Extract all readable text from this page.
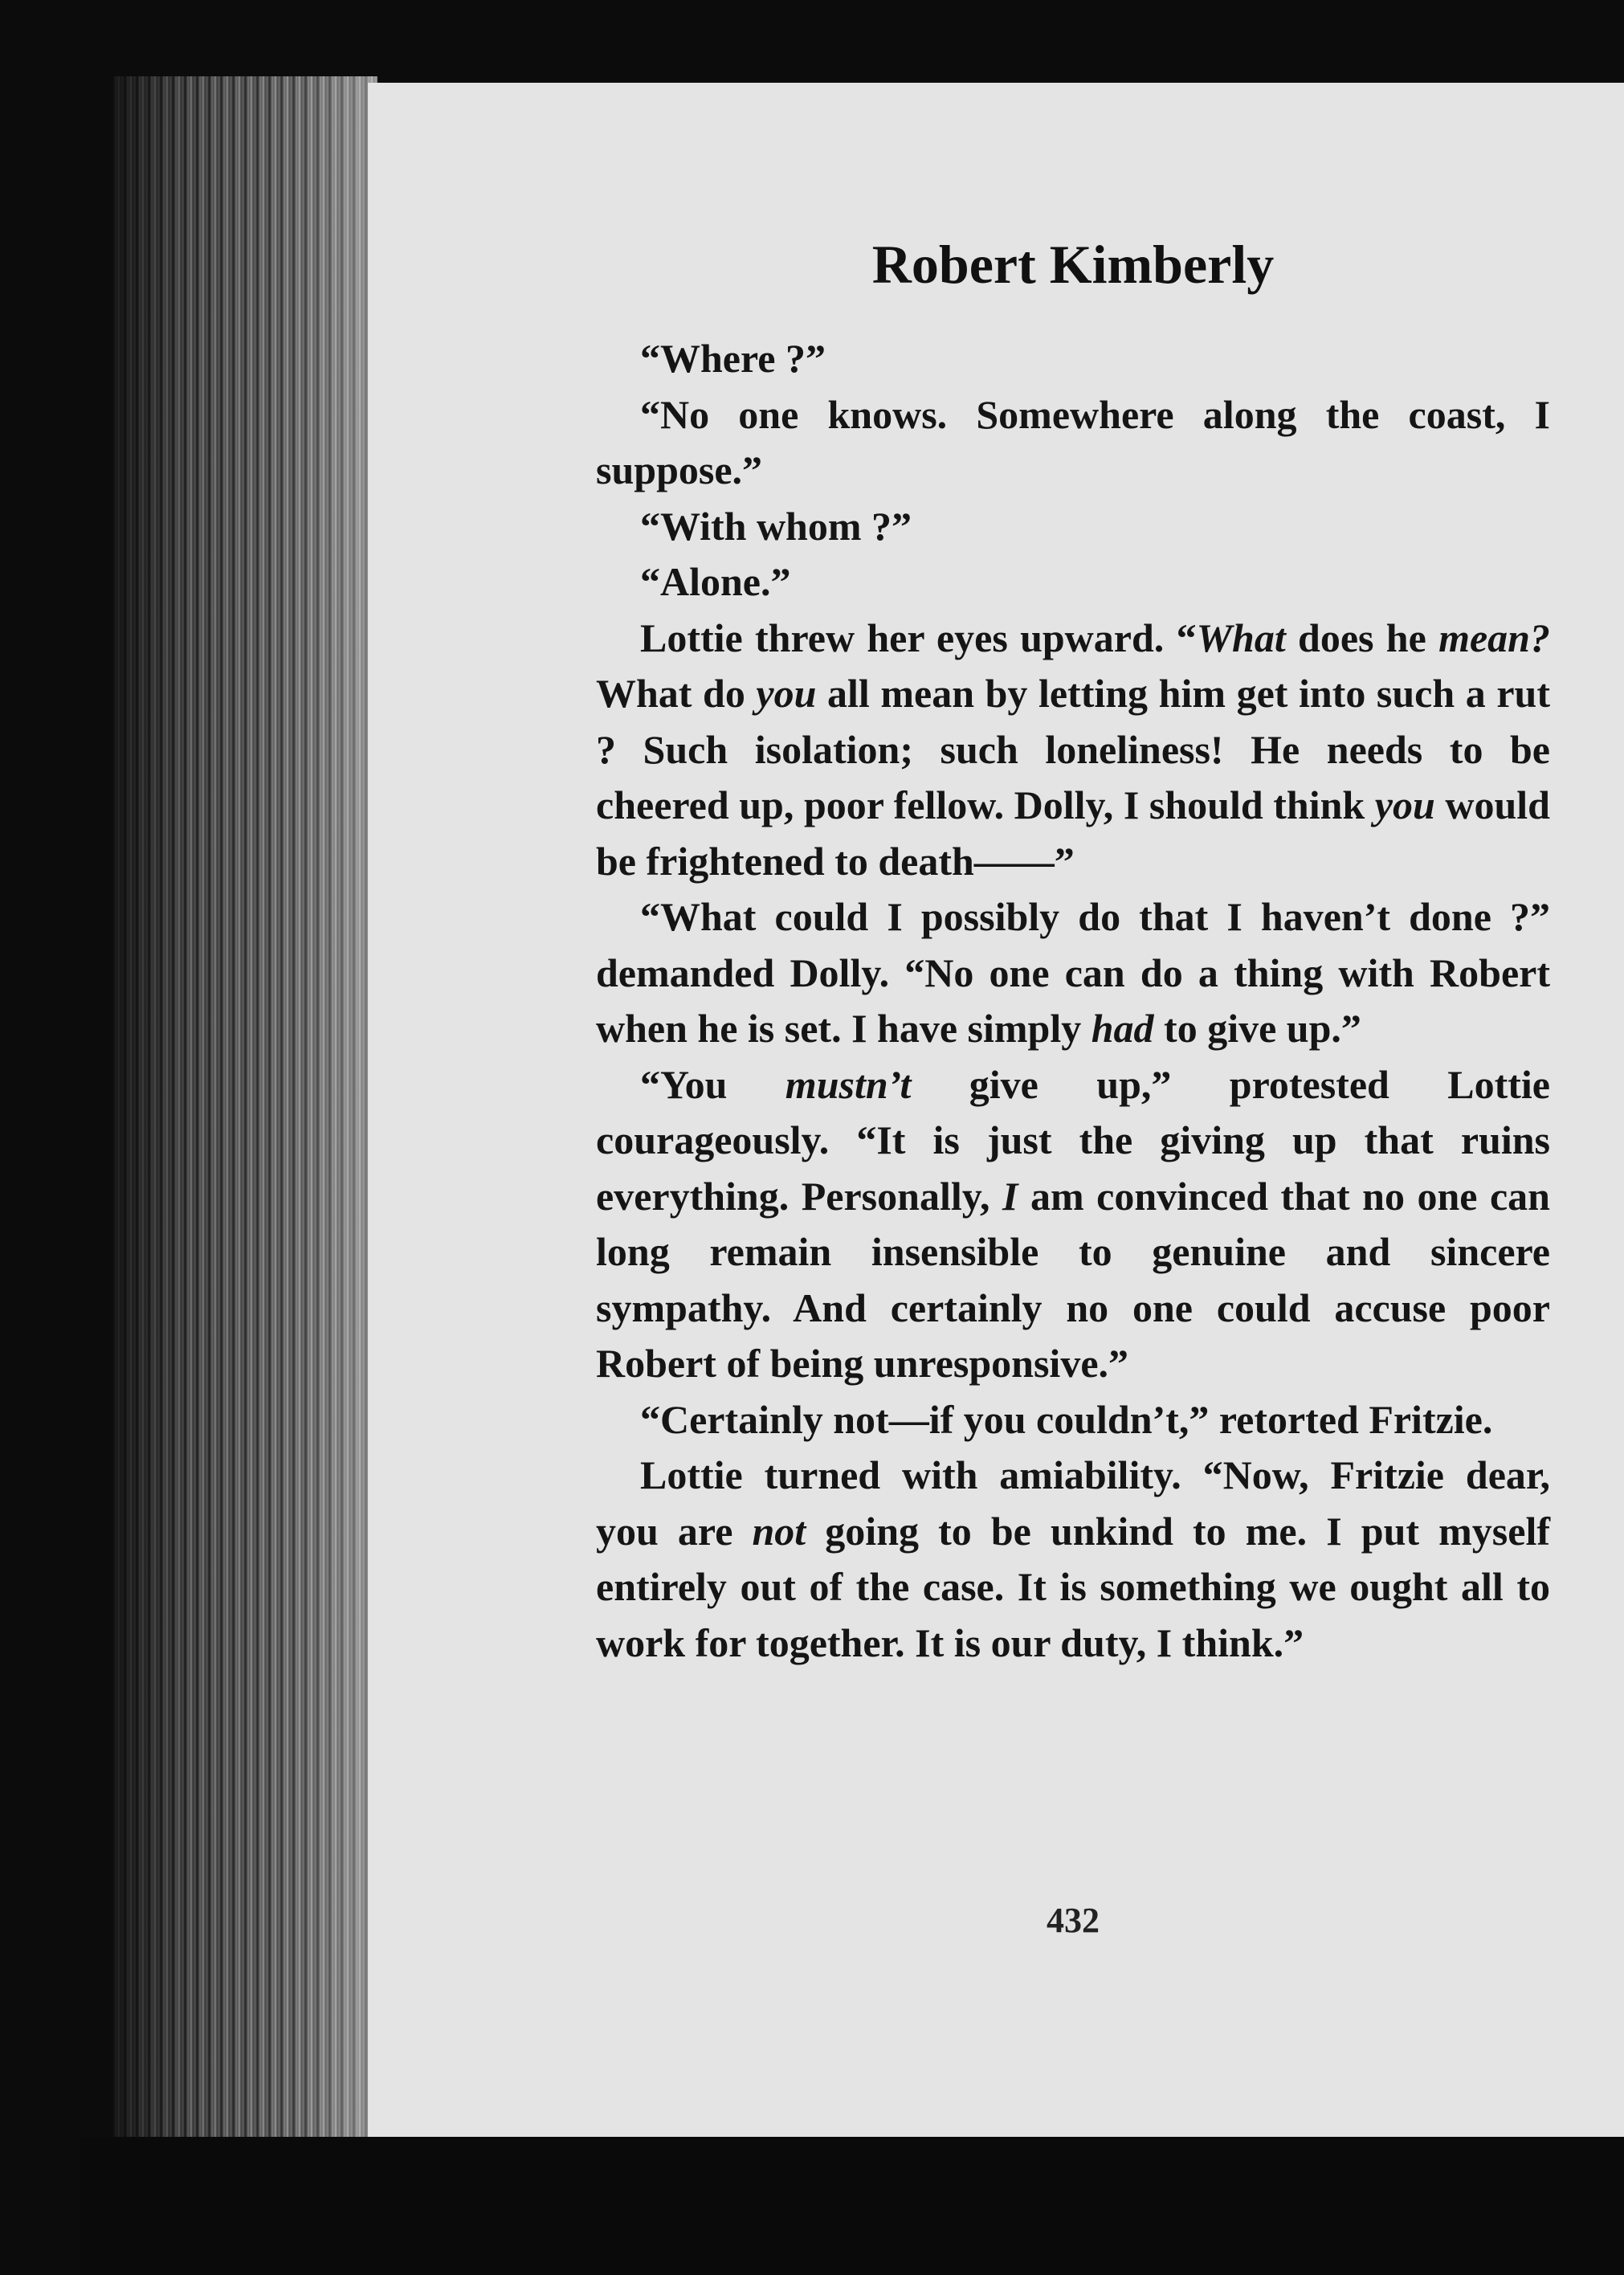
Robert Kimberly

“Where ?”

“No one knows. Somewhere along the coast, I suppose.”

“With whom ?”

“Alone.”

Lottie threw her eyes upward. “What does he mean? What do you all mean by letting him get into such a rut ? Such isolation; such loneliness! He needs to be cheered up, poor fellow. Dolly, I should think you would be frightened to death——”

“What could I possibly do that I haven’t done ?” demanded Dolly. “No one can do a thing with Robert when he is set. I have simply had to give up.”

“You mustn’t give up,” protested Lottie courageously. “It is just the giving up that ruins everything. Personally, I am convinced that no one can long remain insensible to genuine and sincere sympathy. And certainly no one could accuse poor Robert of being unresponsive.”

“Certainly not—if you couldn’t,” retorted Fritzie.

Lottie turned with amiability. “Now, Fritzie dear, you are not going to be unkind to me. I put myself entirely out of the case. It is something we ought all to work for together. It is our duty, I think.”

432
